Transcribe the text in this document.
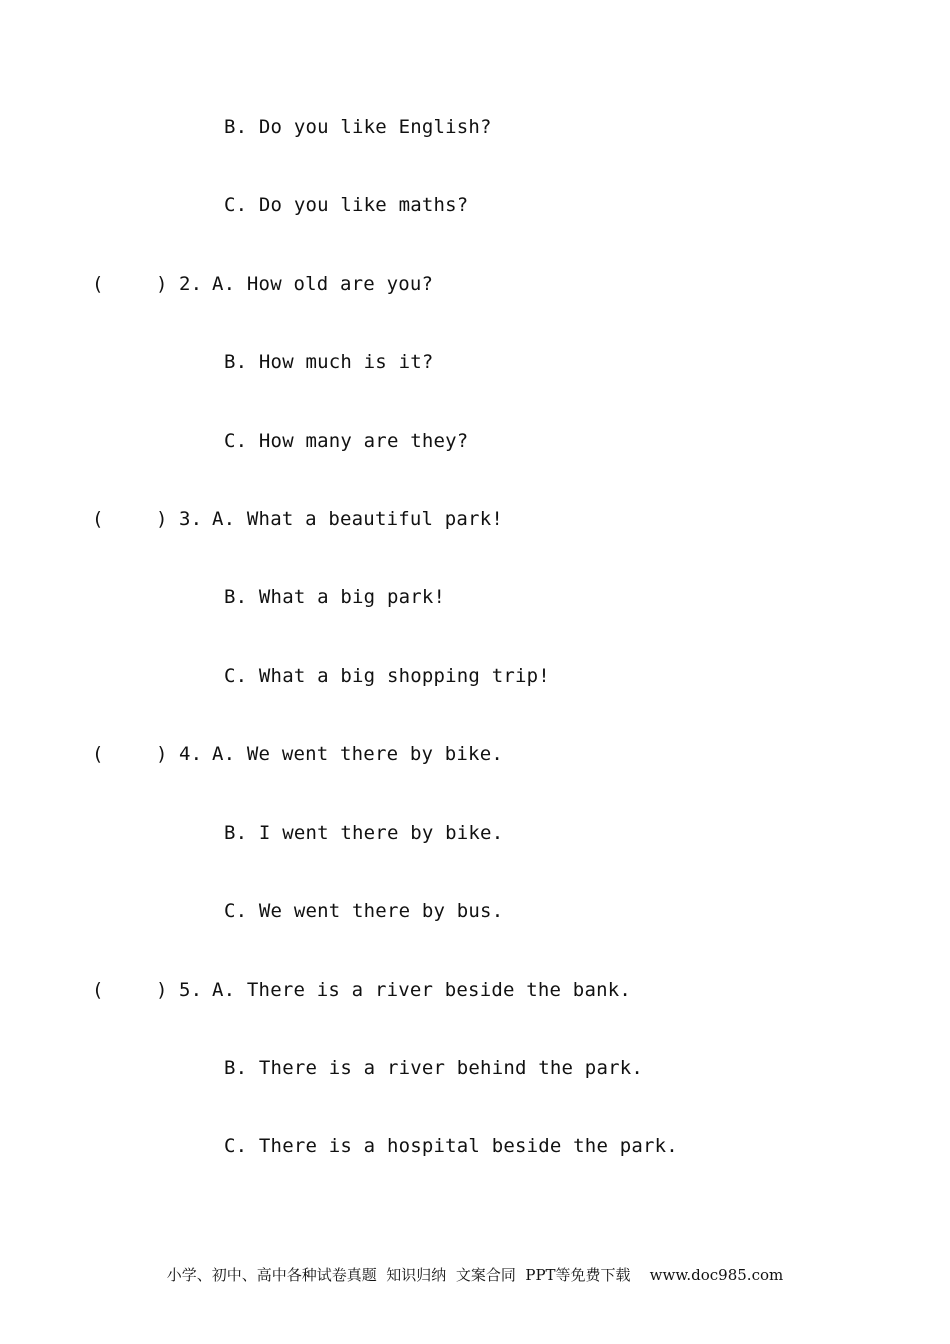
B. Do you like English?
C. Do you like maths?

(

	)

2.

A. How old are you?

B. How much is it?
C. How many are they?

(

	)

3.

A. What a beautiful park!

B. What a big park!
C. What a big shopping trip!

(

	)

4.

A. We went there by bike.

B. I went there by bike.
C. We went there by bus.

(

	)

5.

A. There is a river beside the bank.

B. There is a river behind the park.
C. There is a hospital beside the park.
小学、初中、高中各种试卷真题  知识归纳  文案合同  PPT等免费下载 www.doc985.com
